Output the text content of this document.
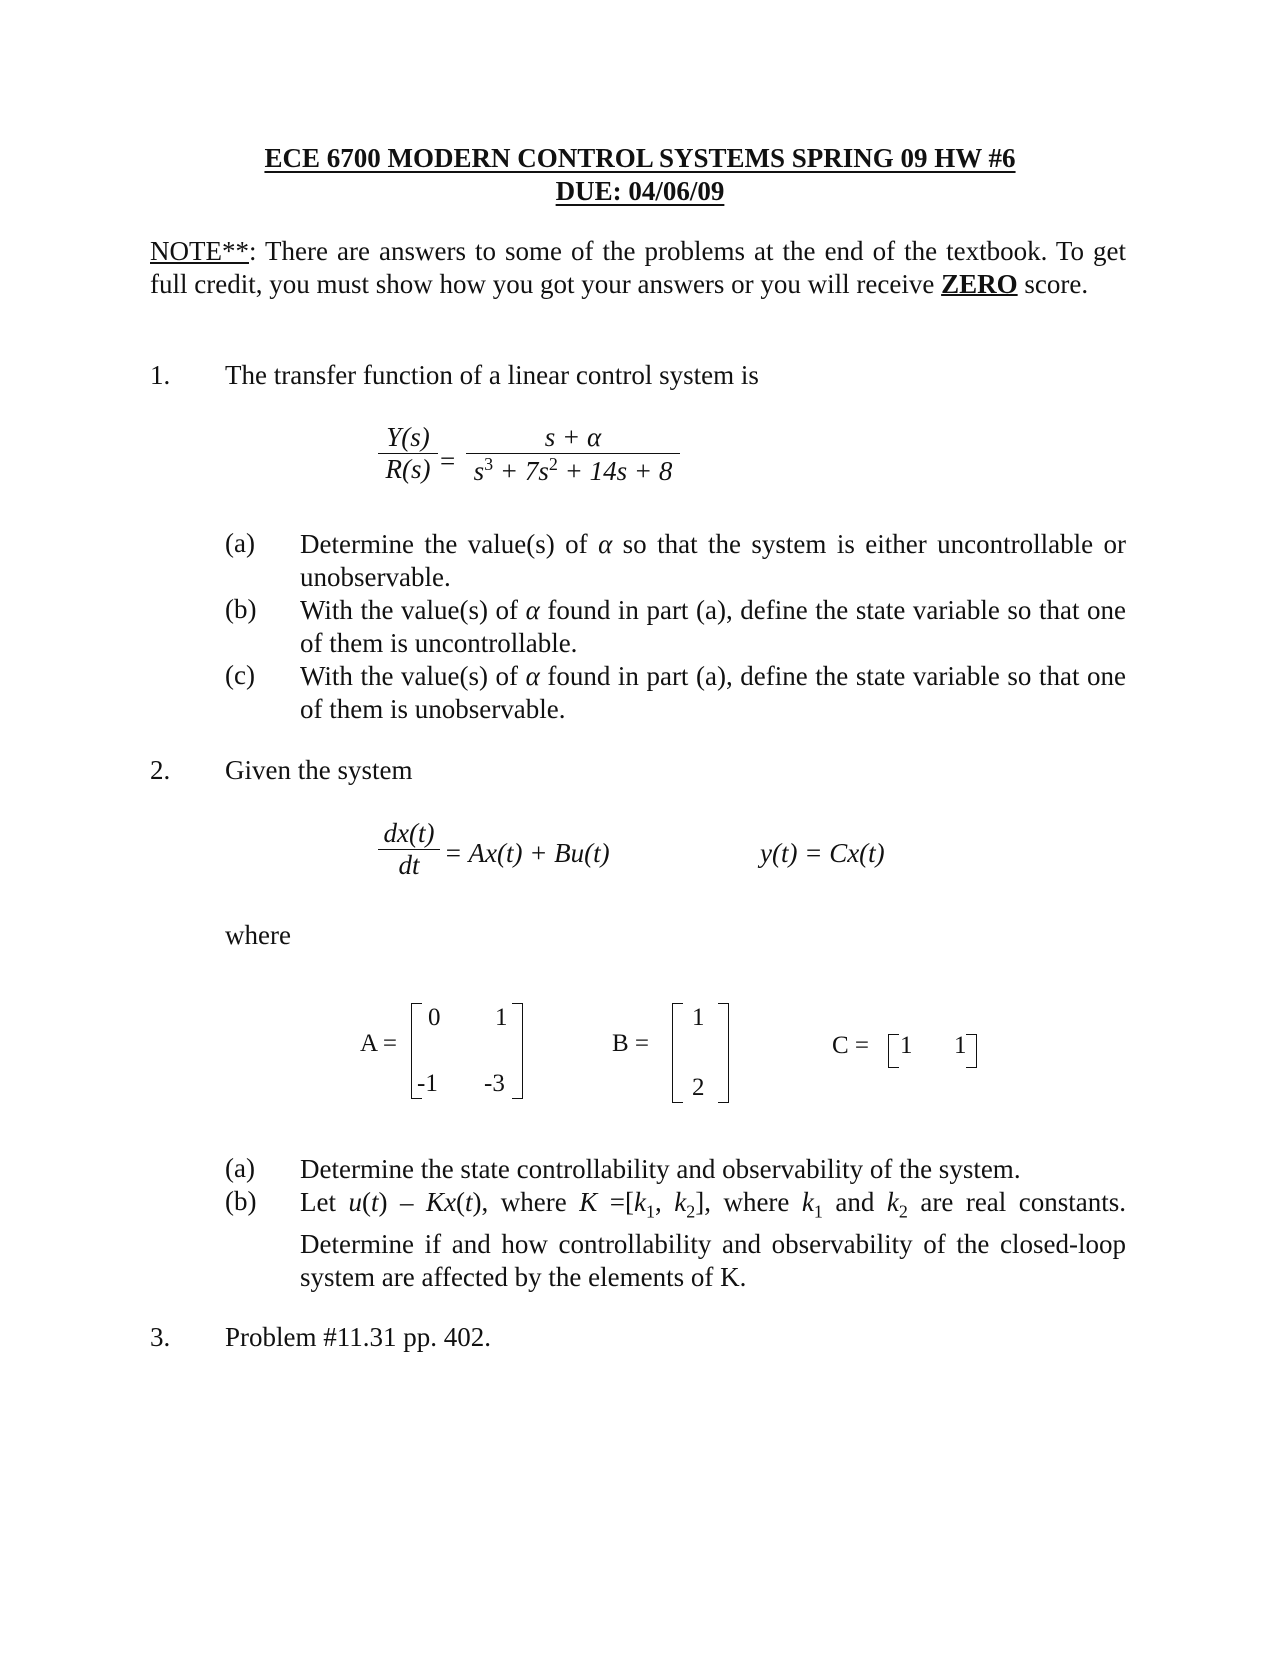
ECE 6700 MODERN CONTROL SYSTEMS SPRING 09 HW #6
DUE: 04/06/09
NOTE**: There are answers to some of the problems at the end of the textbook. To get full credit, you must show how you got your answers or you will receive ZERO score.
1. The transfer function of a linear control system is
Y(s)
R(s) =
s + α
$s^3 + 7s^2 + 14s + 8$
(a) Determine the value(s) of α so that the system is either uncontrollable or unobservable.
(b) With the value(s) of α found in part (a), define the state variable so that one of them is uncontrollable.
(c) With the value(s) of α found in part (a), define the state variable so that one of them is unobservable.
2. Given the system
dx(t)
dt = Ax(t) + Bu(t)	y(t) = Cx(t)
where
A =
0 1
-1 -3
B =
1
2
C = 1 1
(a) Determine the state controllability and observability of the system.
(b) Let u(t) – Kx(t), where $K =[k_1$, $k_2$], where $k_1$ and $k_2$ are real constants. Determine if and how controllability and observability of the closed-loop system are affected by the elements of K.
3. Problem #11.31 pp. 402.
